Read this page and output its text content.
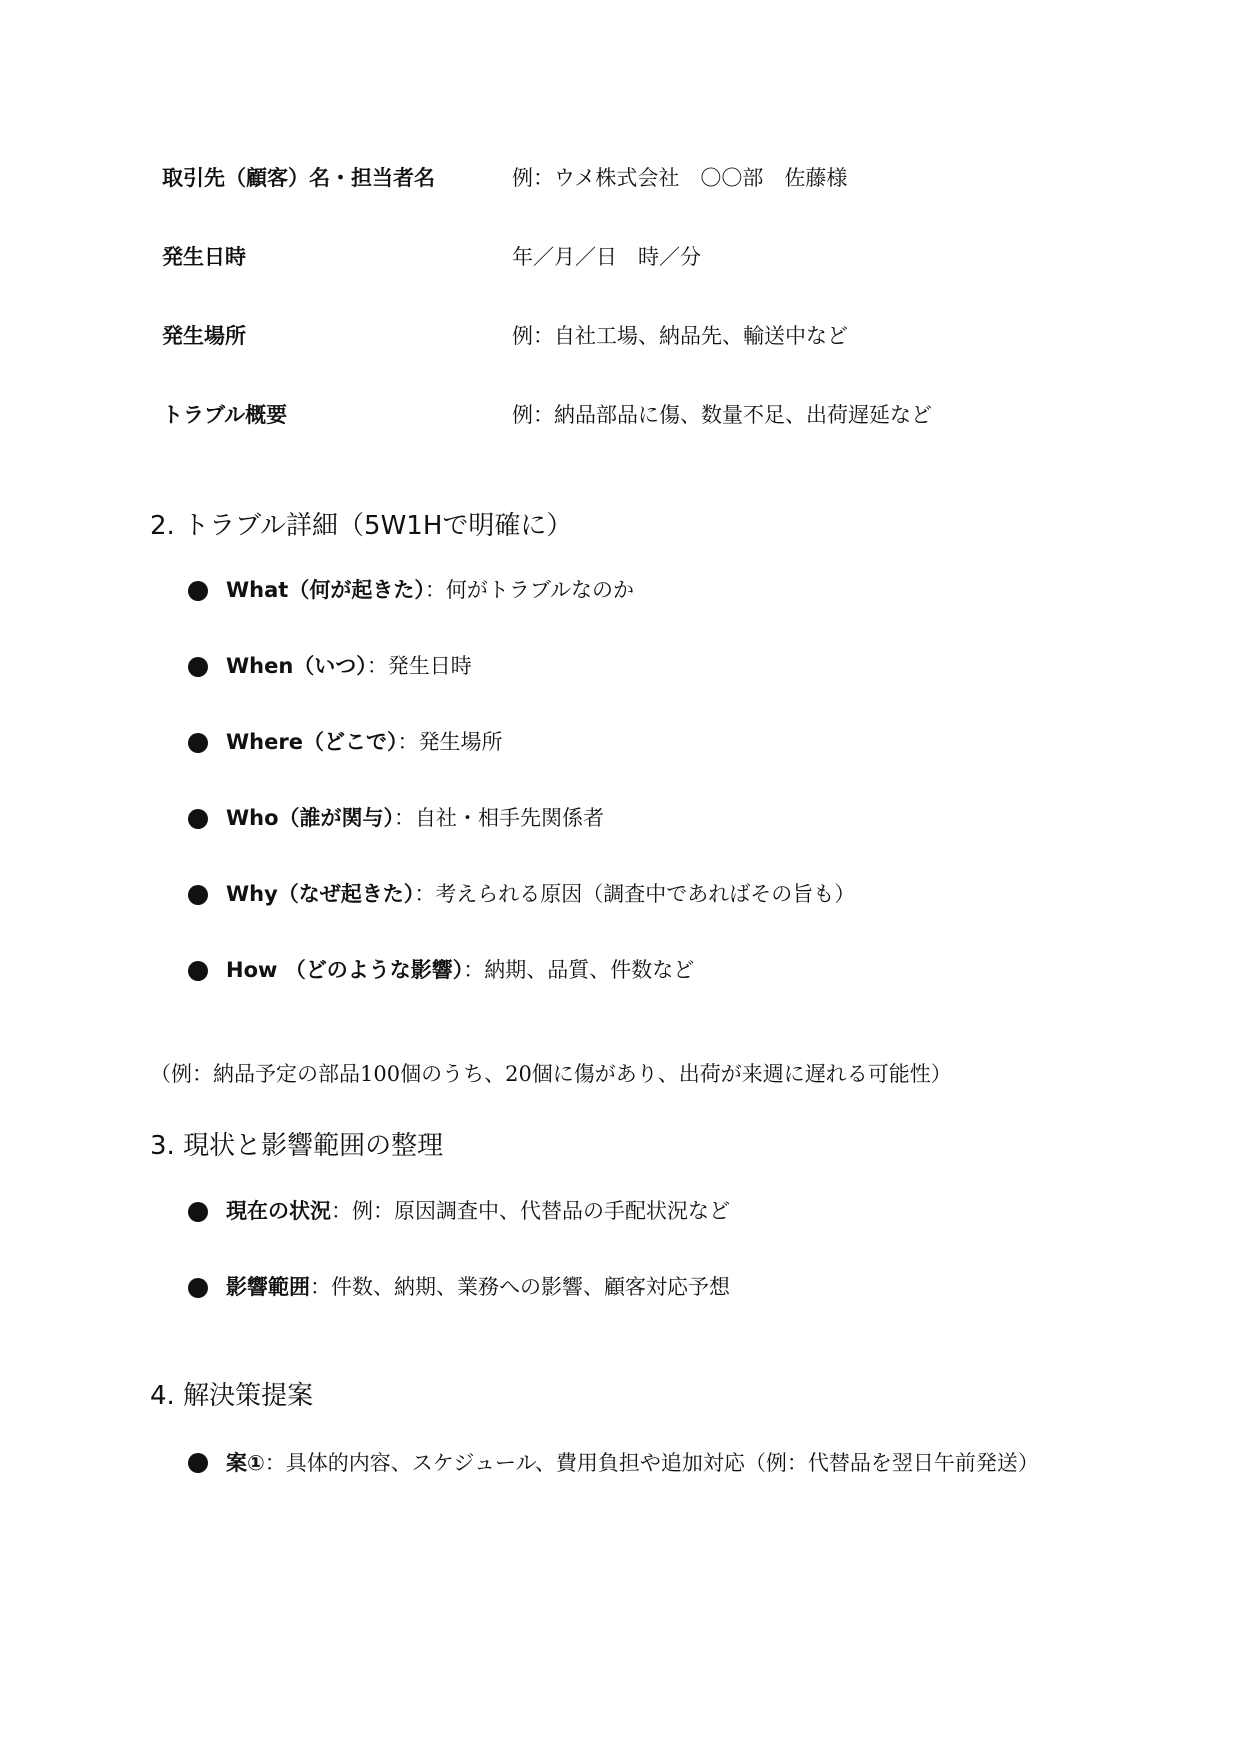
取引先（顧客）名・担当者名	例：ウメ株式会社　〇〇部　佐藤様
発生日時	年／月／日　時／分
発生場所	例：自社工場、納品先、輸送中など
トラブル概要	例：納品部品に傷、数量不足、出荷遅延など
2. トラブル詳細（5W1Hで明確に）
What（何が起きた）：何がトラブルなのか
When（いつ）：発生日時
Where（どこで）：発生場所
Who（誰が関与）：自社・相手先関係者
Why（なぜ起きた）：考えられる原因（調査中であればその旨も）
How （どのような影響）：納期、品質、件数など
（例：納品予定の部品100個のうち、20個に傷があり、出荷が来週に遅れる可能性）
3. 現状と影響範囲の整理
現在の状況：例：原因調査中、代替品の手配状況など
影響範囲：件数、納期、業務への影響、顧客対応予想
4. 解決策提案
案①：具体的内容、スケジュール、費用負担や追加対応（例：代替品を翌日午前発送）
